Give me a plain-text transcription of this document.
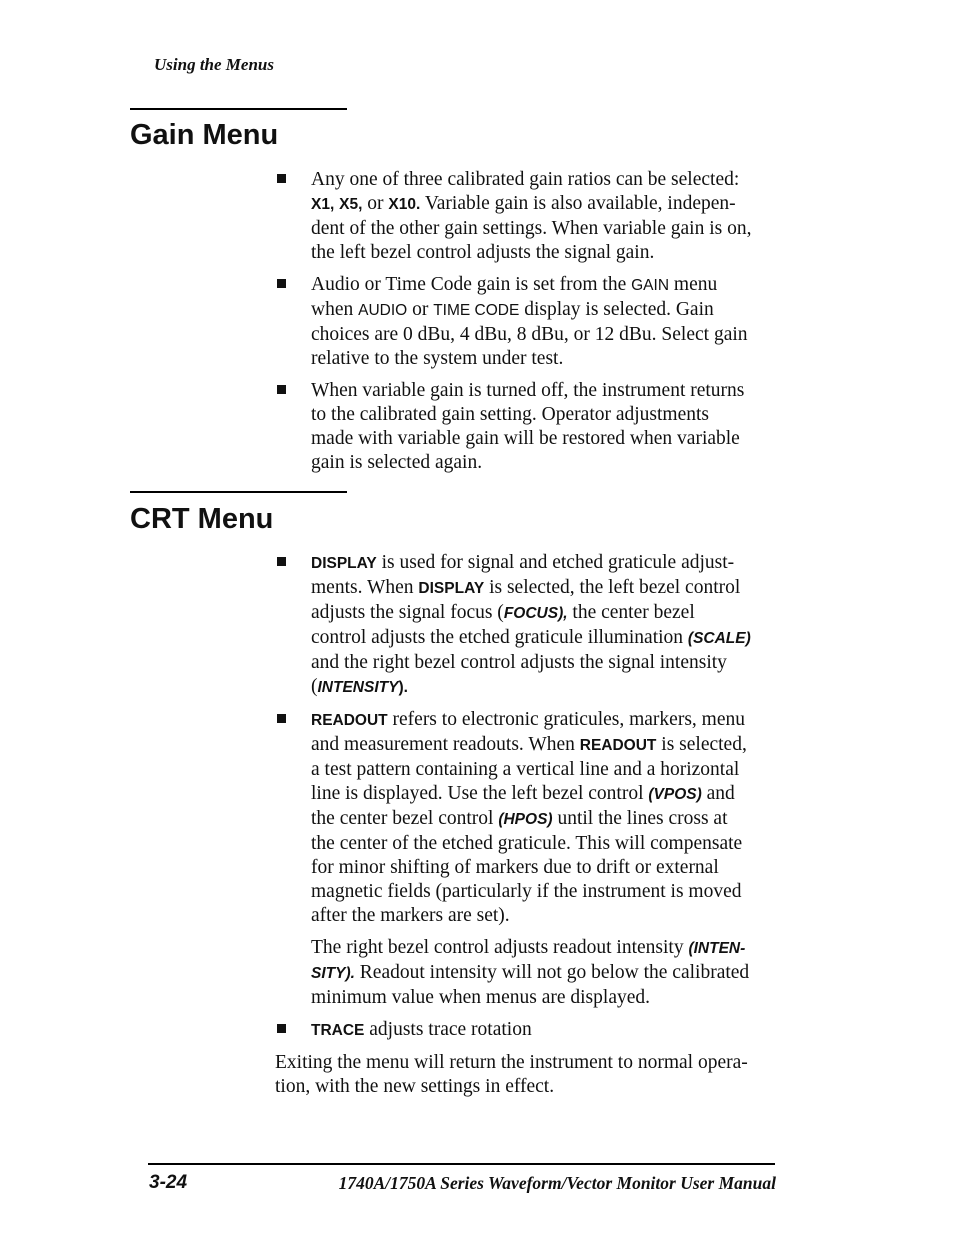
Using the Menus
Gain Menu
Any one of three calibrated gain ratios can be selected:
X1, X5, or X10. Variable gain is also available, indepen-
dent of the other gain settings. When variable gain is on,
the left bezel control adjusts the signal gain.
Audio or Time Code gain is set from the GAIN menu
when AUDIO or TIME CODE display is selected. Gain
choices are 0 dBu, 4 dBu, 8 dBu, or 12 dBu. Select gain
relative to the system under test.
When variable gain is turned off, the instrument returns
to the calibrated gain setting. Operator adjustments
made with variable gain will be restored when variable
gain is selected again.
CRT Menu
DISPLAY is used for signal and etched graticule adjust-
ments. When DISPLAY is selected, the left bezel control
adjusts the signal focus (FOCUS), the center bezel
control adjusts the etched graticule illumination (SCALE)
and the right bezel control adjusts the signal intensity
(INTENSITY).
READOUT refers to electronic graticules, markers, menu
and measurement readouts. When READOUT is selected,
a test pattern containing a vertical line and a horizontal
line is displayed. Use the left bezel control (VPOS) and
the center bezel control (HPOS) until the lines cross at
the center of the etched graticule. This will compensate
for minor shifting of markers due to drift or external
magnetic fields (particularly if the instrument is moved
after the markers are set).
The right bezel control adjusts readout intensity (INTEN-
SITY). Readout intensity will not go below the calibrated
minimum value when menus are displayed.
TRACE adjusts trace rotation
Exiting the menu will return the instrument to normal opera-
tion, with the new settings in effect.
3-24	1740A/1750A Series Waveform/Vector Monitor User Manual
